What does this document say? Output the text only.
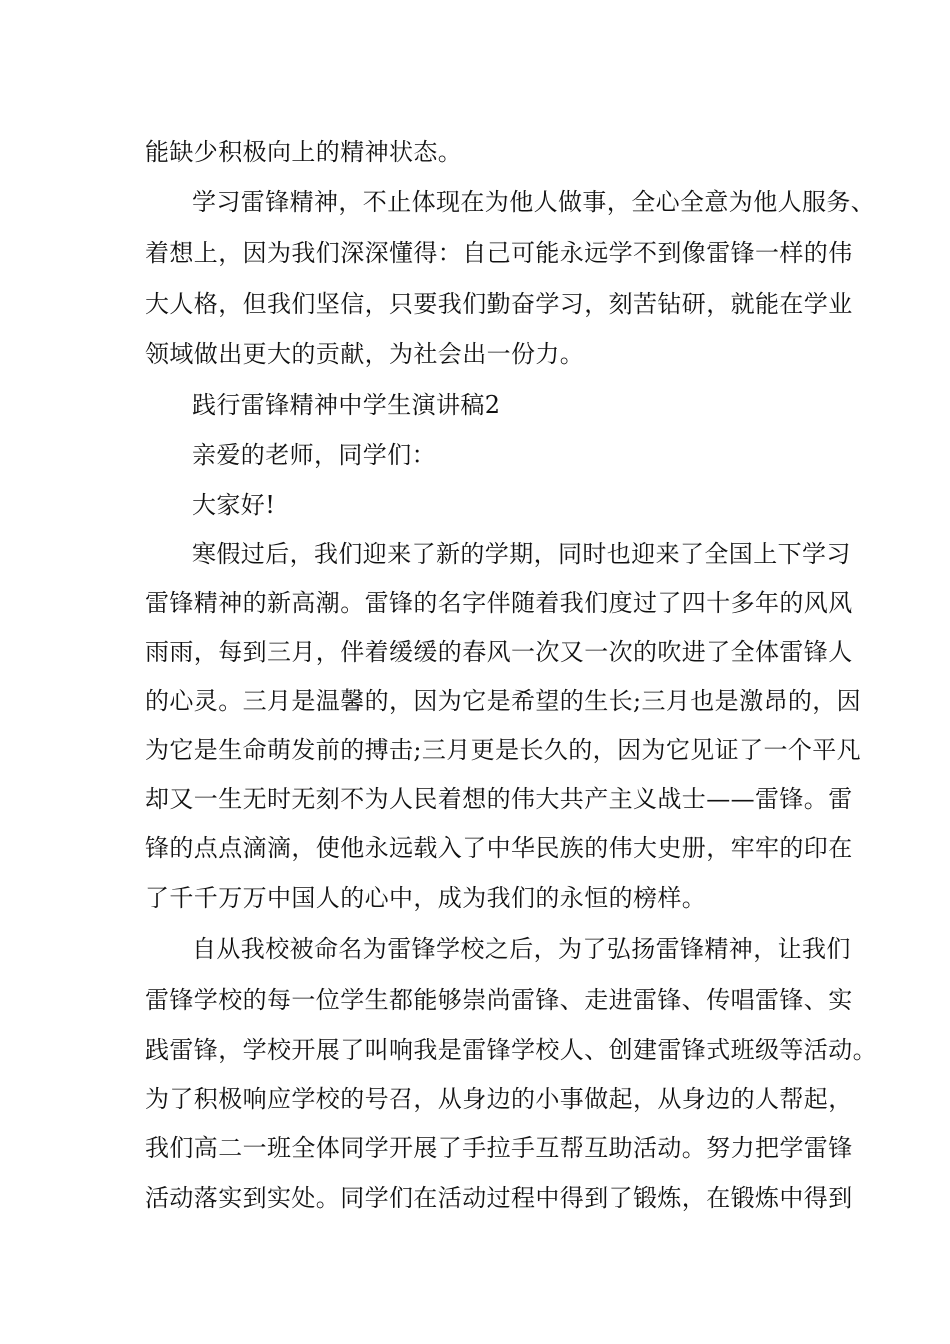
能缺少积极向上的精神状态。
学习雷锋精神，不止体现在为他人做事，全心全意为他人服务、
着想上，因为我们深深懂得：自己可能永远学不到像雷锋一样的伟
大人格，但我们坚信，只要我们勤奋学习，刻苦钻研，就能在学业
领域做出更大的贡献，为社会出一份力。
践行雷锋精神中学生演讲稿2
亲爱的老师，同学们：
大家好!
寒假过后，我们迎来了新的学期，同时也迎来了全国上下学习
雷锋精神的新高潮。雷锋的名字伴随着我们度过了四十多年的风风
雨雨，每到三月，伴着缓缓的春风一次又一次的吹进了全体雷锋人
的心灵。三月是温馨的，因为它是希望的生长;三月也是激昂的，因
为它是生命萌发前的搏击;三月更是长久的，因为它见证了一个平凡
却又一生无时无刻不为人民着想的伟大共产主义战士——雷锋。雷
锋的点点滴滴，使他永远载入了中华民族的伟大史册，牢牢的印在
了千千万万中国人的心中，成为我们的永恒的榜样。
自从我校被命名为雷锋学校之后，为了弘扬雷锋精神，让我们
雷锋学校的每一位学生都能够崇尚雷锋、走进雷锋、传唱雷锋、实
践雷锋，学校开展了叫响我是雷锋学校人、创建雷锋式班级等活动。
为了积极响应学校的号召，从身边的小事做起，从身边的人帮起，
我们高二一班全体同学开展了手拉手互帮互助活动。努力把学雷锋
活动落实到实处。同学们在活动过程中得到了锻炼，在锻炼中得到
